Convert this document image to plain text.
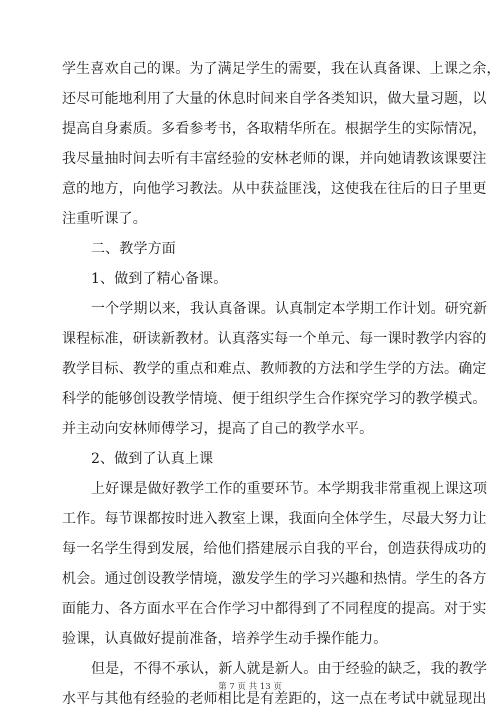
学生喜欢自己的课。为了满足学生的需要，我在认真备课、上课之余，
还尽可能地利用了大量的休息时间来自学各类知识，做大量习题，以
提高自身素质。多看参考书，各取精华所在。根据学生的实际情况，
我尽量抽时间去听有丰富经验的安林老师的课，并向她请教该课要注
意的地方，向他学习教法。从中获益匪浅，这使我在往后的日子里更
注重听课了。
二、教学方面
1、做到了精心备课。
一个学期以来，我认真备课。认真制定本学期工作计划。研究新
课程标准，研读新教材。认真落实每一个单元、每一课时教学内容的
教学目标、教学的重点和难点、教师教的方法和学生学的方法。确定
科学的能够创设教学情境、便于组织学生合作探究学习的教学模式。
并主动向安林师傅学习，提高了自己的教学水平。
2、做到了认真上课
上好课是做好教学工作的重要环节。本学期我非常重视上课这项
工作。每节课都按时进入教室上课，我面向全体学生，尽最大努力让
每一名学生得到发展，给他们搭建展示自我的平台，创造获得成功的
机会。通过创设教学情境，激发学生的学习兴趣和热情。学生的各方
面能力、各方面水平在合作学习中都得到了不同程度的提高。对于实
验课，认真做好提前准备，培养学生动手操作能力。
但是，不得不承认，新人就是新人。由于经验的缺乏，我的教学
水平与其他有经验的老师相比是有差距的，这一点在考试中就显现出
第 7 页 共 13 页
